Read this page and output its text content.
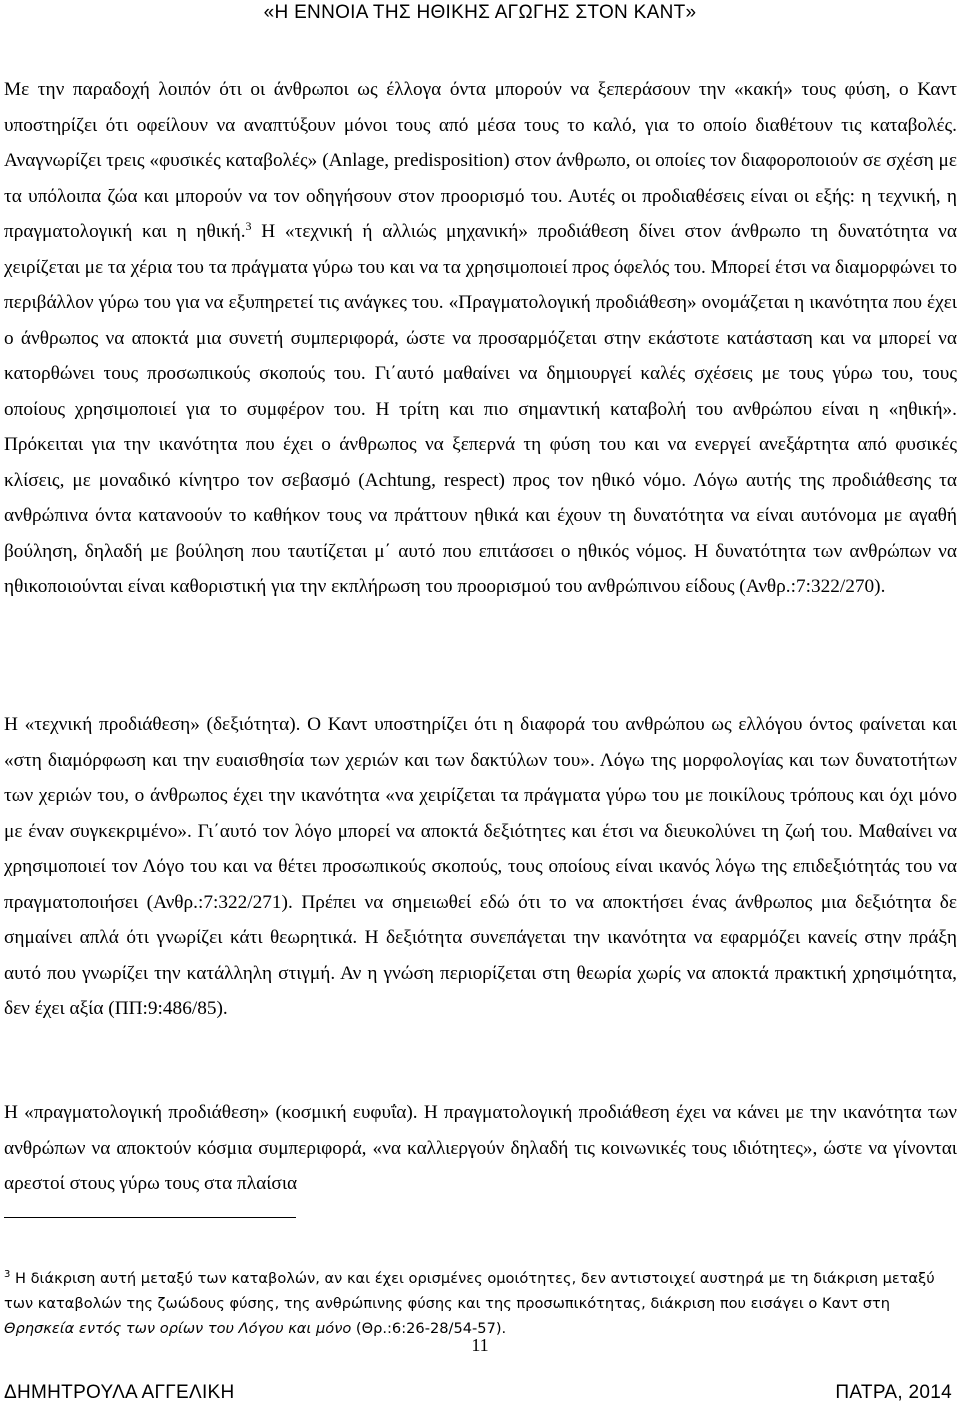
«Η ΕΝΝΟΙΑ ΤΗΣ ΗΘΙΚΗΣ ΑΓΩΓΗΣ ΣΤΟΝ ΚΑΝΤ»

Με την παραδοχή λοιπόν ότι οι άνθρωποι ως έλλογα όντα μπορούν να ξεπεράσουν την «κακή» τους φύση, ο Καντ υποστηρίζει ότι οφείλουν να αναπτύξουν μόνοι τους από μέσα τους το καλό, για το οποίο διαθέτουν τις καταβολές. Αναγνωρίζει τρεις «φυσικές καταβολές» (Anlage, predisposition) στον άνθρωπο, οι οποίες τον διαφοροποιούν σε σχέση με τα υπόλοιπα ζώα και μπορούν να τον οδηγήσουν στον προορισμό του. Αυτές οι προδιαθέσεις είναι οι εξής: η τεχνική, η πραγματολογική και η ηθική.$^3$ Η «τεχνική ή αλλιώς μηχανική» προδιάθεση δίνει στον άνθρωπο τη δυνατότητα να χειρίζεται με τα χέρια του τα πράγματα γύρω του και να τα χρησιμοποιεί προς όφελός του. Μπορεί έτσι να διαμορφώνει το περιβάλλον γύρω του για να εξυπηρετεί τις ανάγκες του. «Πραγματολογική προδιάθεση» ονομάζεται η ικανότητα που έχει ο άνθρωπος να αποκτά μια συνετή συμπεριφορά, ώστε να προσαρμόζεται στην εκάστοτε κατάσταση και να μπορεί να κατορθώνει τους προσωπικούς σκοπούς του. Γι΄αυτό μαθαίνει να δημιουργεί καλές σχέσεις με τους γύρω του, τους οποίους χρησιμοποιεί για το συμφέρον του. Η τρίτη και πιο σημαντική καταβολή του ανθρώπου είναι η «ηθική». Πρόκειται για την ικανότητα που έχει ο άνθρωπος να ξεπερνά τη φύση του και να ενεργεί ανεξάρτητα από φυσικές κλίσεις, με μοναδικό κίνητρο τον σεβασμό (Achtung, respect) προς τον ηθικό νόμο. Λόγω αυτής της προδιάθεσης τα ανθρώπινα όντα κατανοούν το καθήκον τους να πράττουν ηθικά και έχουν τη δυνατότητα να είναι αυτόνομα με αγαθή βούληση, δηλαδή με βούληση που ταυτίζεται μ΄ αυτό που επιτάσσει ο ηθικός νόμος. Η δυνατότητα των ανθρώπων να ηθικοποιούνται είναι καθοριστική για την εκπλήρωση του προορισμού του ανθρώπινου είδους (Ανθρ.:7:322/270).

Η «τεχνική προδιάθεση» (δεξιότητα). Ο Καντ υποστηρίζει ότι η διαφορά του ανθρώπου ως ελλόγου όντος φαίνεται και «στη διαμόρφωση και την ευαισθησία των χεριών και των δακτύλων του». Λόγω της μορφολογίας και των δυνατοτήτων των χεριών του, ο άνθρωπος έχει την ικανότητα «να χειρίζεται τα πράγματα γύρω του με ποικίλους τρόπους και όχι μόνο με έναν συγκεκριμένο». Γι΄αυτό τον λόγο μπορεί να αποκτά δεξιότητες και έτσι να διευκολύνει τη ζωή του. Μαθαίνει να χρησιμοποιεί τον Λόγο του και να θέτει προσωπικούς σκοπούς, τους οποίους είναι ικανός λόγω της επιδεξιότητάς του να πραγματοποιήσει (Ανθρ.:7:322/271). Πρέπει να σημειωθεί εδώ ότι το να αποκτήσει ένας άνθρωπος μια δεξιότητα δε σημαίνει απλά ότι γνωρίζει κάτι θεωρητικά. Η δεξιότητα συνεπάγεται την ικανότητα να εφαρμόζει κανείς στην πράξη αυτό που γνωρίζει την κατάλληλη στιγμή. Αν η γνώση περιορίζεται στη θεωρία χωρίς να αποκτά πρακτική χρησιμότητα, δεν έχει αξία (ΠΠ:9:486/85).

Η «πραγματολογική προδιάθεση» (κοσμική ευφυΐα). Η πραγματολογική προδιάθεση έχει να κάνει με την ικανότητα των ανθρώπων να αποκτούν κόσμια συμπεριφορά, «να καλλιεργούν δηλαδή τις κοινωνικές τους ιδιότητες», ώστε να γίνονται αρεστοί στους γύρω τους στα πλαίσια

$^3$ Η διάκριση αυτή μεταξύ των καταβολών, αν και έχει ορισμένες ομοιότητες, δεν αντιστοιχεί αυστηρά με τη διάκριση μεταξύ των καταβολών της ζωώδους φύσης, της ανθρώπινης φύσης και της προσωπικότητας, διάκριση που εισάγει ο Καντ στη Θρησκεία εντός των ορίων του Λόγου και μόνο (Θρ.:6:26-28/54-57).

11
ΔΗΜΗΤΡΟΥΛΑ ΑΓΓΕΛΙΚΗ	ΠΑΤΡΑ, 2014
